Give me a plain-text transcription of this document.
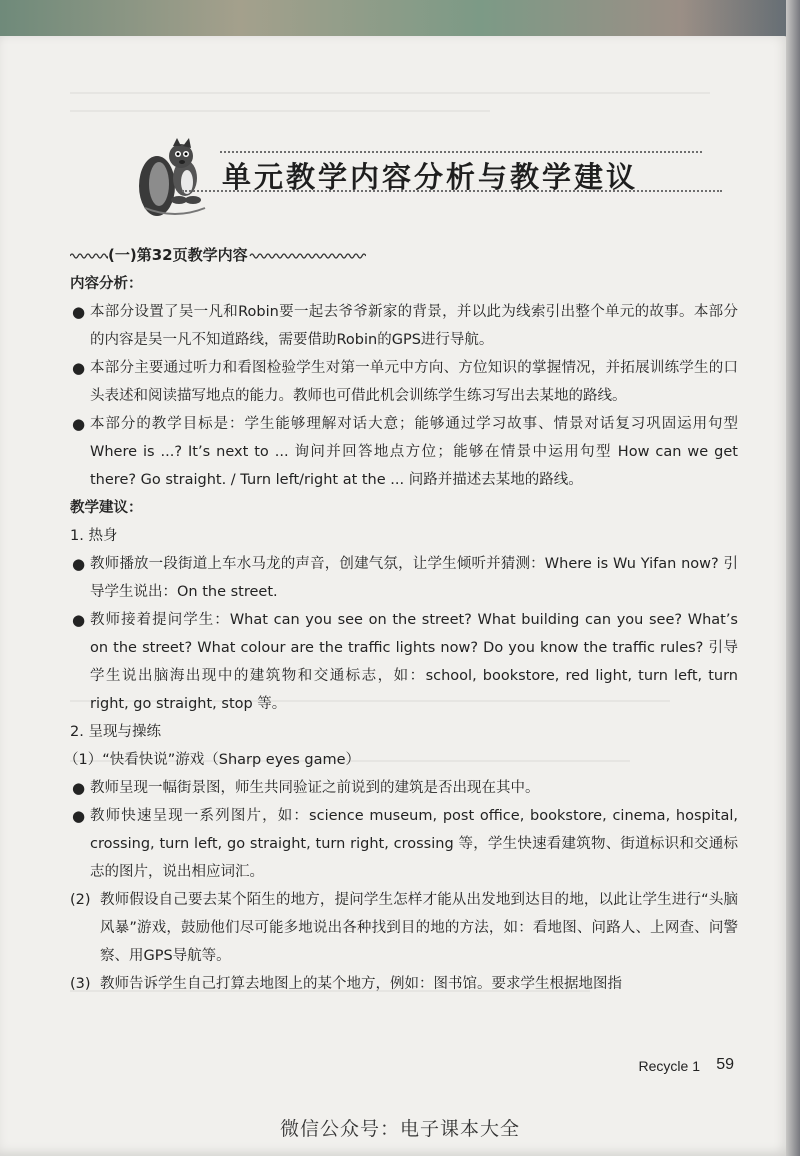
单元教学内容分析与教学建议
(一)第32页教学内容
内容分析：
● 本部分设置了吴一凡和Robin要一起去爷爷新家的背景，并以此为线索引出整个单元的故事。本部分的内容是吴一凡不知道路线，需要借助Robin的GPS进行导航。
● 本部分主要通过听力和看图检验学生对第一单元中方向、方位知识的掌握情况，并拓展训练学生的口头表述和阅读描写地点的能力。教师也可借此机会训练学生练习写出去某地的路线。
● 本部分的教学目标是：学生能够理解对话大意；能够通过学习故事、情景对话复习巩固运用句型 Where is ...? It’s next to ... 询问并回答地点方位；能够在情景中运用句型 How can we get there? Go straight. / Turn left/right at the ... 问路并描述去某地的路线。
教学建议：
1. 热身
● 教师播放一段街道上车水马龙的声音，创建气氛，让学生倾听并猜测：Where is Wu Yifan now? 引导学生说出：On the street.
● 教师接着提问学生：What can you see on the street? What building can you see? What’s on the street? What colour are the traffic lights now? Do you know the traffic rules? 引导学生说出脑海出现中的建筑物和交通标志，如：school, bookstore, red light, turn left, turn right, go straight, stop 等。
2. 呈现与操练
（1）“快看快说”游戏（Sharp eyes game）
● 教师呈现一幅街景图，师生共同验证之前说到的建筑是否出现在其中。
● 教师快速呈现一系列图片，如：science museum, post office, bookstore, cinema, hospital, crossing, turn left, go straight, turn right, crossing 等，学生快速看建筑物、街道标识和交通标志的图片，说出相应词汇。
(2) 教师假设自己要去某个陌生的地方，提问学生怎样才能从出发地到达目的地，以此让学生进行“头脑风暴”游戏，鼓励他们尽可能多地说出各种找到目的地的方法，如：看地图、问路人、上网查、问警察、用GPS导航等。
(3) 教师告诉学生自己打算去地图上的某个地方，例如：图书馆。要求学生根据地图指
Recycle 1 59
微信公众号：电子课本大全
